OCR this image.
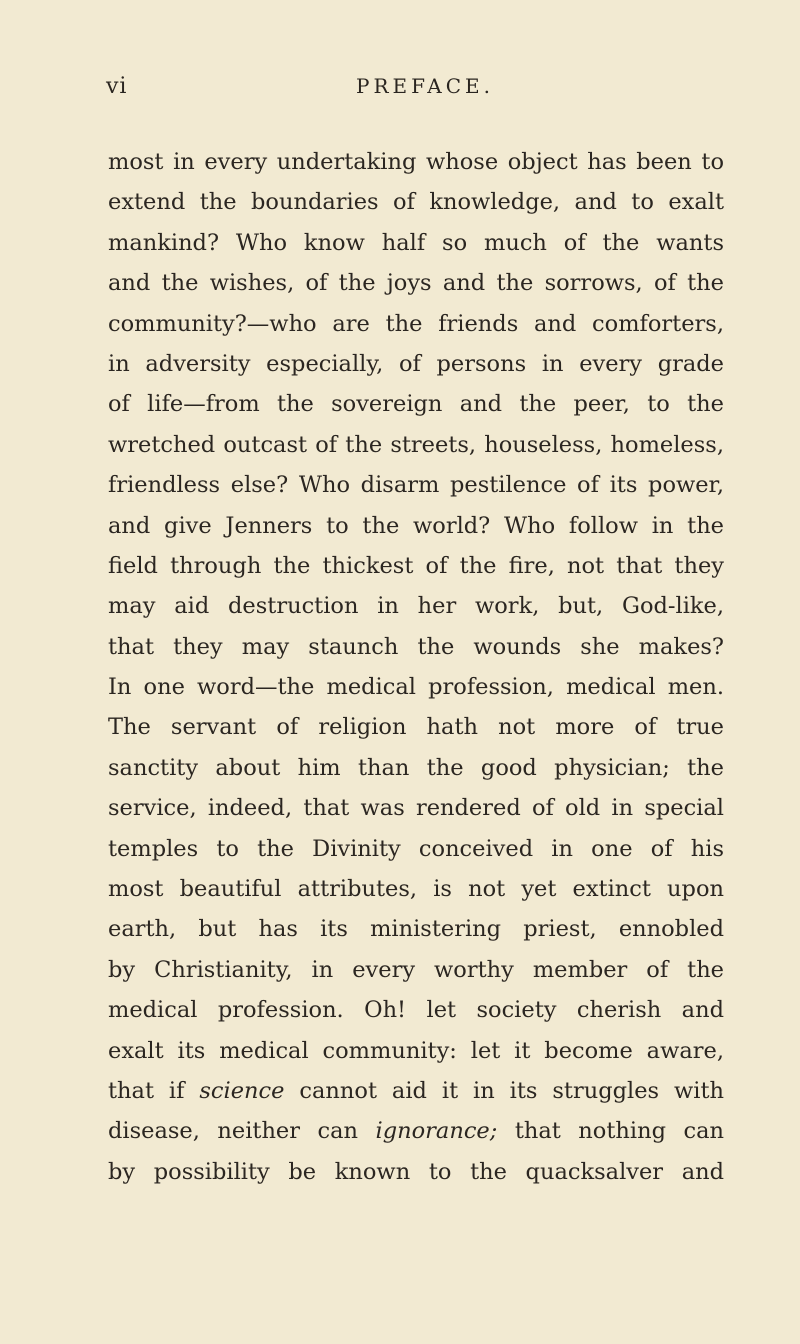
vi	PREFACE.
most in every undertaking whose object has been to
extend the boundaries of knowledge, and to exalt
mankind? Who know half so much of the wants
and the wishes, of the joys and the sorrows, of the
community?—who are the friends and comforters,
in adversity especially, of persons in every grade
of life—from the sovereign and the peer, to the
wretched outcast of the streets, houseless, homeless,
friendless else? Who disarm pestilence of its power,
and give Jenners to the world? Who follow in the
field through the thickest of the fire, not that they
may aid destruction in her work, but, God-like,
that they may staunch the wounds she makes?
In one word—the medical profession, medical men.
The servant of religion hath not more of true
sanctity about him than the good physician; the
service, indeed, that was rendered of old in special
temples to the Divinity conceived in one of his
most beautiful attributes, is not yet extinct upon
earth, but has its ministering priest, ennobled
by Christianity, in every worthy member of the
medical profession. Oh! let society cherish and
exalt its medical community: let it become aware,
that if science cannot aid it in its struggles with
disease, neither can ignorance; that nothing can
by possibility be known to the quacksalver and
